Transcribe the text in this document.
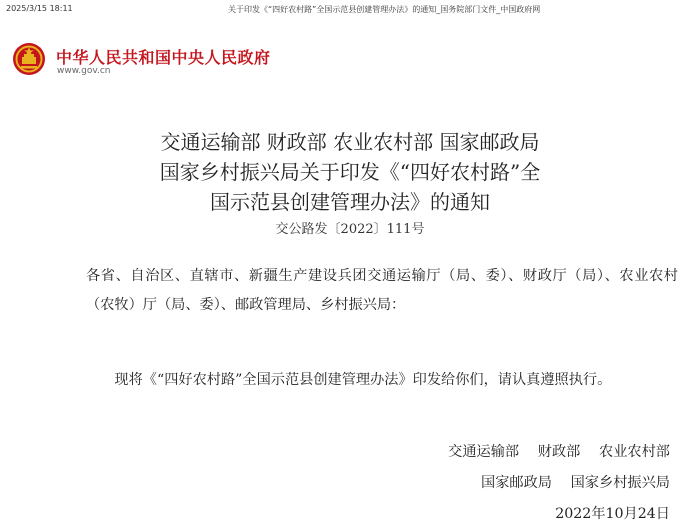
2025/3/15 18:11	关于印发《“四好农村路”全国示范县创建管理办法》的通知_国务院部门文件_中国政府网
中华人民共和国中央人民政府
www.gov.cn
交通运输部 财政部 农业农村部 国家邮政局
国家乡村振兴局关于印发《“四好农村路”全
国示范县创建管理办法》的通知
交公路发〔2022〕111号
各省、自治区、直辖市、新疆生产建设兵团交通运输厅（局、委）、财政厅（局）、农业农村（农牧）厅（局、委）、邮政管理局、乡村振兴局：
现将《“四好农村路”全国示范县创建管理办法》印发给你们，请认真遵照执行。
交通运输部　 财政部　 农业农村部
国家邮政局　 国家乡村振兴局
2022年10月24日
